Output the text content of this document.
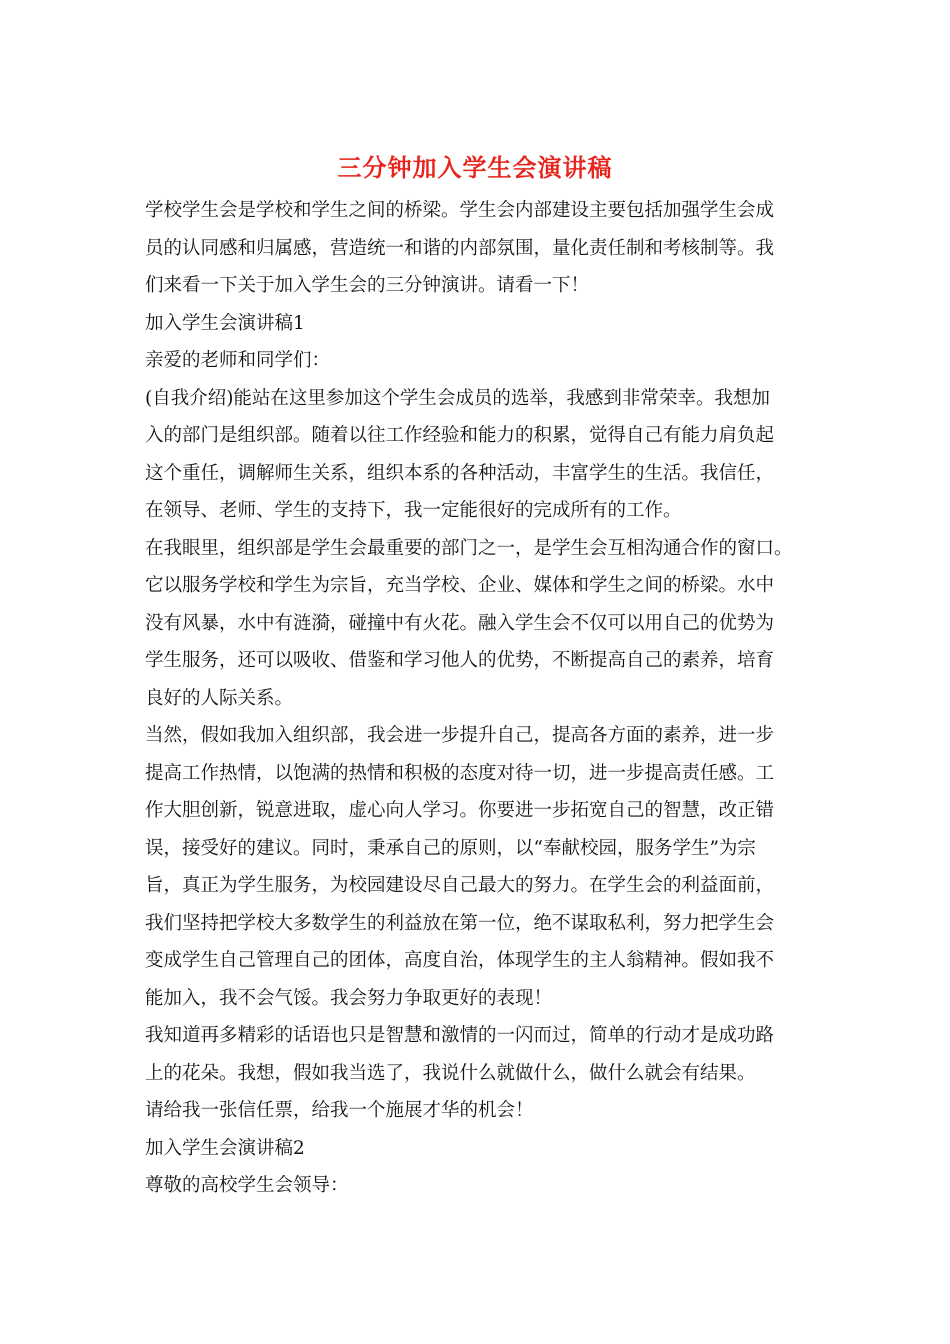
三分钟加入学生会演讲稿

学校学生会是学校和学生之间的桥梁。学生会内部建设主要包括加强学生会成

员的认同感和归属感，营造统一和谐的内部氛围，量化责任制和考核制等。我

们来看一下关于加入学生会的三分钟演讲。请看一下！

加入学生会演讲稿1

亲爱的老师和同学们：

(自我介绍)能站在这里参加这个学生会成员的选举，我感到非常荣幸。我想加

入的部门是组织部。随着以往工作经验和能力的积累，觉得自己有能力肩负起

这个重任，调解师生关系，组织本系的各种活动，丰富学生的生活。我信任，

在领导、老师、学生的支持下，我一定能很好的完成所有的工作。

在我眼里，组织部是学生会最重要的部门之一，是学生会互相沟通合作的窗口。

它以服务学校和学生为宗旨，充当学校、企业、媒体和学生之间的桥梁。水中

没有风暴，水中有涟漪，碰撞中有火花。融入学生会不仅可以用自己的优势为

学生服务，还可以吸收、借鉴和学习他人的优势，不断提高自己的素养，培育

良好的人际关系。

当然，假如我加入组织部，我会进一步提升自己，提高各方面的素养，进一步

提高工作热情，以饱满的热情和积极的态度对待一切，进一步提高责任感。工

作大胆创新，锐意进取，虚心向人学习。你要进一步拓宽自己的智慧，改正错

误，接受好的建议。同时，秉承自己的原则，以“奉献校园，服务学生”为宗

旨，真正为学生服务，为校园建设尽自己最大的努力。在学生会的利益面前，

我们坚持把学校大多数学生的利益放在第一位，绝不谋取私利，努力把学生会

变成学生自己管理自己的团体，高度自治，体现学生的主人翁精神。假如我不

能加入，我不会气馁。我会努力争取更好的表现！

我知道再多精彩的话语也只是智慧和激情的一闪而过，简单的行动才是成功路

上的花朵。我想，假如我当选了，我说什么就做什么，做什么就会有结果。

请给我一张信任票，给我一个施展才华的机会！

加入学生会演讲稿2

尊敬的高校学生会领导：
